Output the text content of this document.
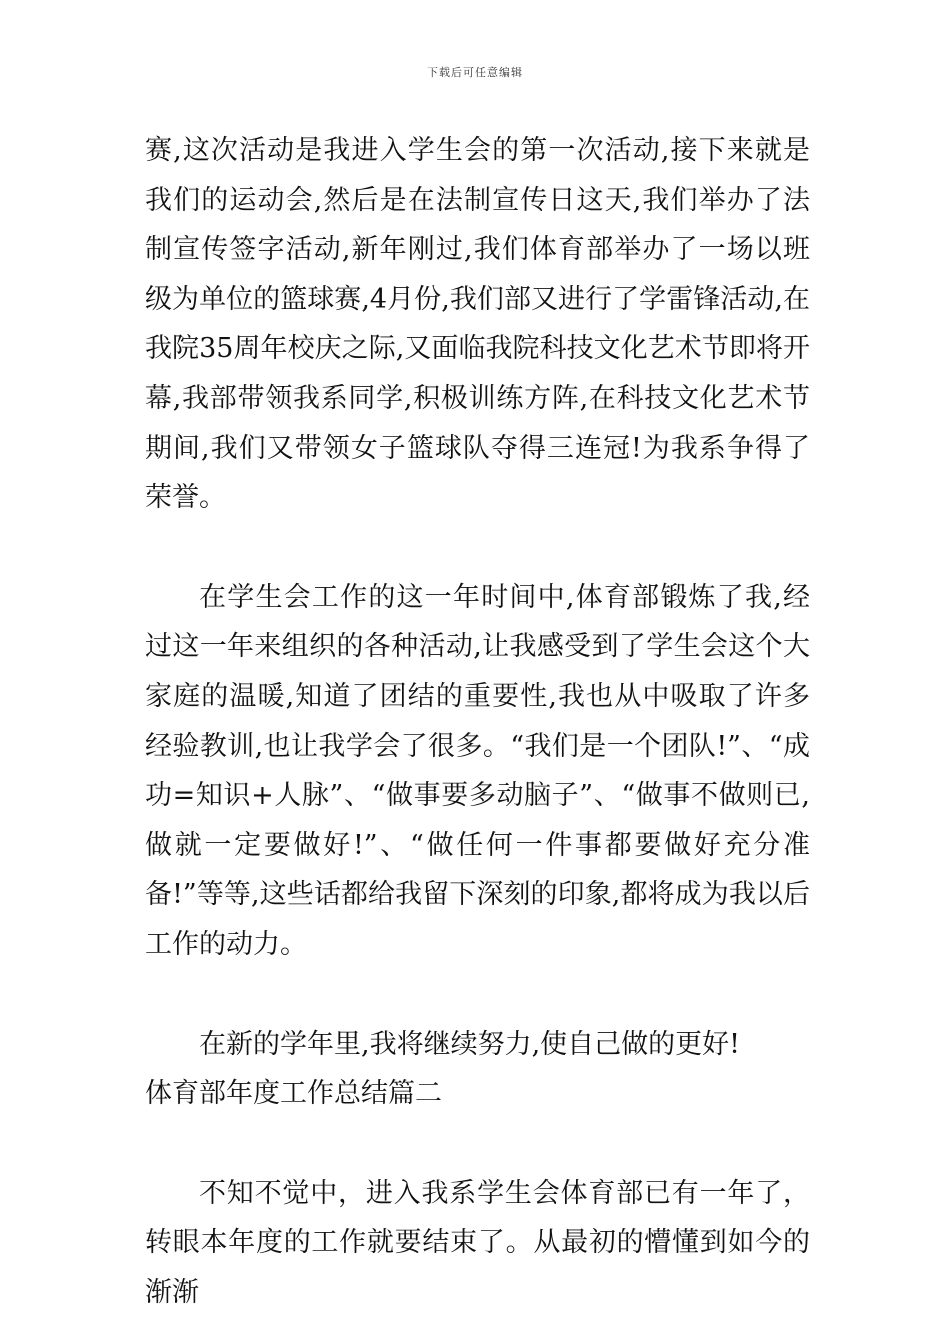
下载后可任意编辑

赛,这次活动是我进入学生会的第一次活动,接下来就是我们的运动会,然后是在法制宣传日这天,我们举办了法制宣传签字活动,新年刚过,我们体育部举办了一场以班级为单位的篮球赛,4月份,我们部又进行了学雷锋活动,在我院35周年校庆之际,又面临我院科技文化艺术节即将开幕,我部带领我系同学,积极训练方阵,在科技文化艺术节期间,我们又带领女子篮球队夺得三连冠!为我系争得了荣誉。

在学生会工作的这一年时间中,体育部锻炼了我,经过这一年来组织的各种活动,让我感受到了学生会这个大家庭的温暖,知道了团结的重要性,我也从中吸取了许多经验教训,也让我学会了很多。“我们是一个团队!”、“成功=知识+人脉”、“做事要多动脑子”、“做事不做则已,做就一定要做好!”、“做任何一件事都要做好充分准备!”等等,这些话都给我留下深刻的印象,都将成为我以后工作的动力。

在新的学年里,我将继续努力,使自己做的更好!

体育部年度工作总结篇二

不知不觉中，进入我系学生会体育部已有一年了，转眼本年度的工作就要结束了。从最初的懵懂到如今的渐渐
